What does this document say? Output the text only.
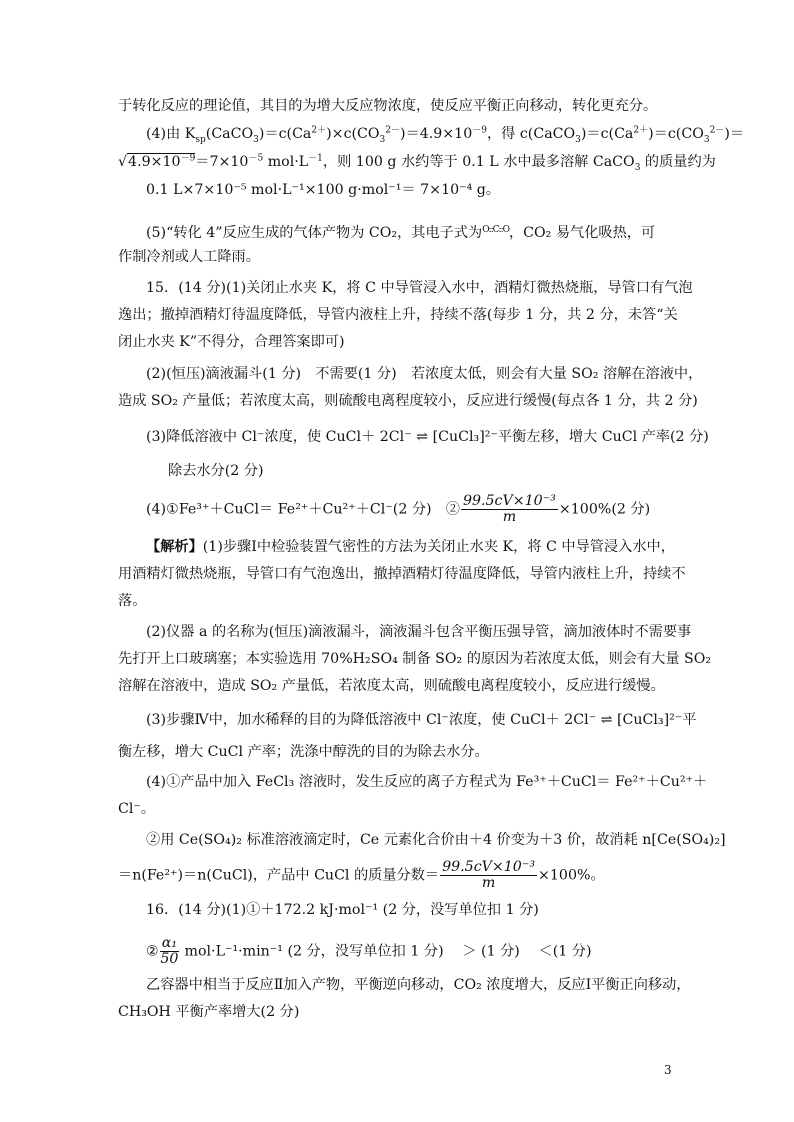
于转化反应的理论值，其目的为增大反应物浓度，使反应平衡正向移动，转化更充分。
(4)由 $K_{sp}(CaCO_3)=c(Ca^{2+})\times c(CO_3^{2-})=4.9\times 10^{-9}$，得 $c(CaCO_3)=c(Ca^{2+})=c(CO_3^{2-})=$
$√4.9\times 10^{-9}=7\times 10^{-5}$ $mol\cdot L^{-1}$，则 100 g 水约等于 0.1 L 水中最多溶解 CaCO$_3$ 的质量约为
0.1 L×7×10⁻⁵ mol·L⁻¹×100 g·mol⁻¹＝ 7×10⁻⁴ g。
(5)“转化 4”反应生成的气体产物为 CO₂，其电子式为$^{O::C::O}$，CO₂ 易气化吸热，可
作制冷剂或人工降雨。
15．(14 分)(1)关闭止水夹 K，将 C 中导管浸入水中，酒精灯微热烧瓶，导管口有气泡
逸出；撤掉酒精灯待温度降低，导管内液柱上升，持续不落(每步 1 分，共 2 分，未答“关
闭止水夹 K”不得分，合理答案即可)
(2)(恒压)滴液漏斗(1 分)　不需要(1 分)　若浓度太低，则会有大量 SO₂ 溶解在溶液中，
造成 SO₂ 产量低；若浓度太高，则硫酸电离程度较小，反应进行缓慢(每点各 1 分，共 2 分)
(3)降低溶液中 Cl⁻浓度，使 CuCl＋ 2Cl⁻ ⇌ [CuCl₃]²⁻平衡左移，增大 CuCl 产率(2 分)
除去水分(2 分)
(4)①Fe³⁺＋CuCl＝ Fe²⁺＋Cu²⁺＋Cl⁻(2 分)　② $\frac{\text{99.5cV×10⁻³}}{m} \times 100\%(2$ 分)
【解析】(1)步骤Ⅰ中检验装置气密性的方法为关闭止水夹 K，将 C 中导管浸入水中，
用酒精灯微热烧瓶，导管口有气泡逸出，撤掉酒精灯待温度降低，导管内液柱上升，持续不
落。
(2)仪器 a 的名称为(恒压)滴液漏斗，滴液漏斗包含平衡压强导管，滴加液体时不需要事
先打开上口玻璃塞；本实验选用 70%H₂SO₄ 制备 SO₂ 的原因为若浓度太低，则会有大量 SO₂
溶解在溶液中，造成 SO₂ 产量低，若浓度太高，则硫酸电离程度较小，反应进行缓慢。
(3)步骤Ⅳ中，加水稀释的目的为降低溶液中 Cl⁻浓度，使 CuCl＋ 2Cl⁻ ⇌ [CuCl₃]²⁻平
衡左移，增大 CuCl 产率；洗涤中醇洗的目的为除去水分。
(4)①产品中加入 FeCl₃ 溶液时，发生反应的离子方程式为 Fe³⁺＋CuCl＝ Fe²⁺＋Cu²⁺＋
Cl⁻。
②用 Ce(SO₄)₂ 标准溶液滴定时，Ce 元素化合价由＋4 价变为＋3 价，故消耗 n[Ce(SO₄)₂]
＝n(Fe²⁺)＝n(CuCl)，产品中 CuCl 的质量分数＝ $\frac{\text{99.5cV×10⁻³}}{m} \times 100\%$。
16．(14 分)(1)①＋172.2 kJ·mol⁻¹ (2 分，没写单位扣 1 分)
② $\frac{\text{α₁}}{50} mol\cdot L^{-1}\cdot\min^{-1}$ (2 分，没写单位扣 1 分)　 ＞ (1 分)　 ＜(1 分)
乙容器中相当于反应Ⅱ加入产物，平衡逆向移动，CO₂ 浓度增大，反应Ⅰ平衡正向移动，
CH₃OH 平衡产率增大(2 分)
3
